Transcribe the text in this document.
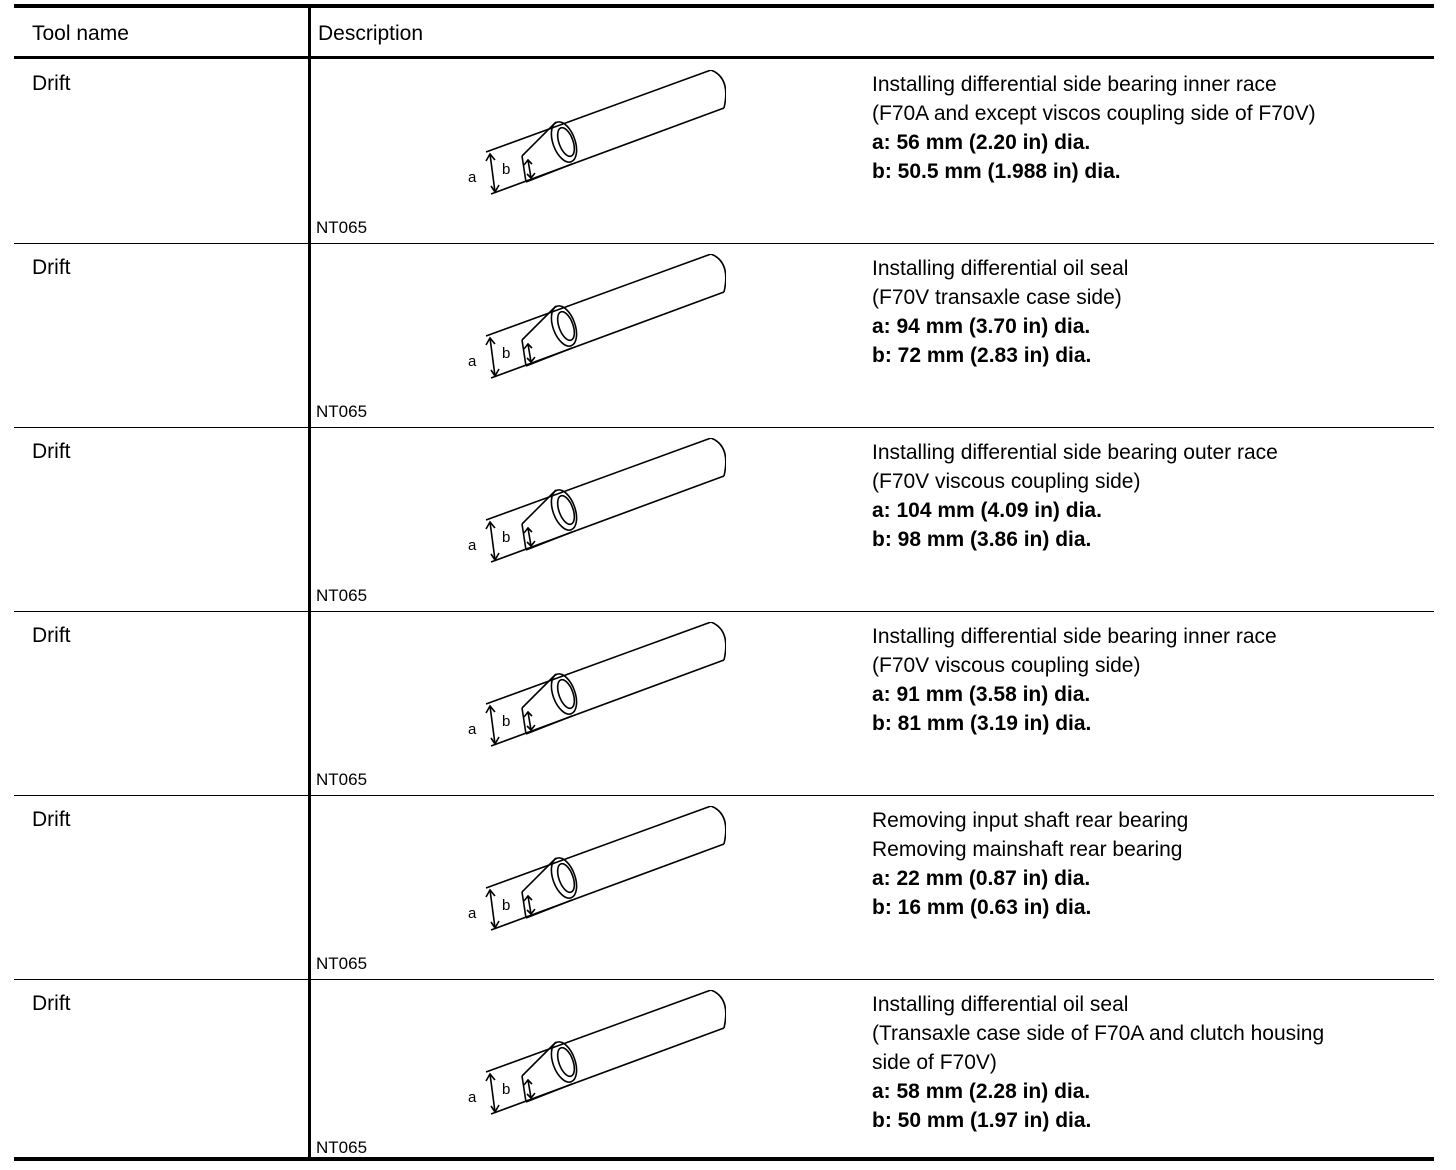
Tool name	Description
Drift
a b
Installing differential side bearing inner race
(F70A and except viscos coupling side of F70V)
a: 56 mm (2.20 in) dia.
b: 50.5 mm (1.988 in) dia.
NT065
Drift
a b
Installing differential oil seal
(F70V transaxle case side)
a: 94 mm (3.70 in) dia.
b: 72 mm (2.83 in) dia.
NT065
Drift
a b
Installing differential side bearing outer race
(F70V viscous coupling side)
a: 104 mm (4.09 in) dia.
b: 98 mm (3.86 in) dia.
NT065
Drift
a b
Installing differential side bearing inner race
(F70V viscous coupling side)
a: 91 mm (3.58 in) dia.
b: 81 mm (3.19 in) dia.
NT065
Drift
a b
Removing input shaft rear bearing
Removing mainshaft rear bearing
a: 22 mm (0.87 in) dia.
b: 16 mm (0.63 in) dia.
NT065
Drift
a b
Installing differential oil seal
(Transaxle case side of F70A and clutch housing
side of F70V)
a: 58 mm (2.28 in) dia.
b: 50 mm (1.97 in) dia.
NT065
